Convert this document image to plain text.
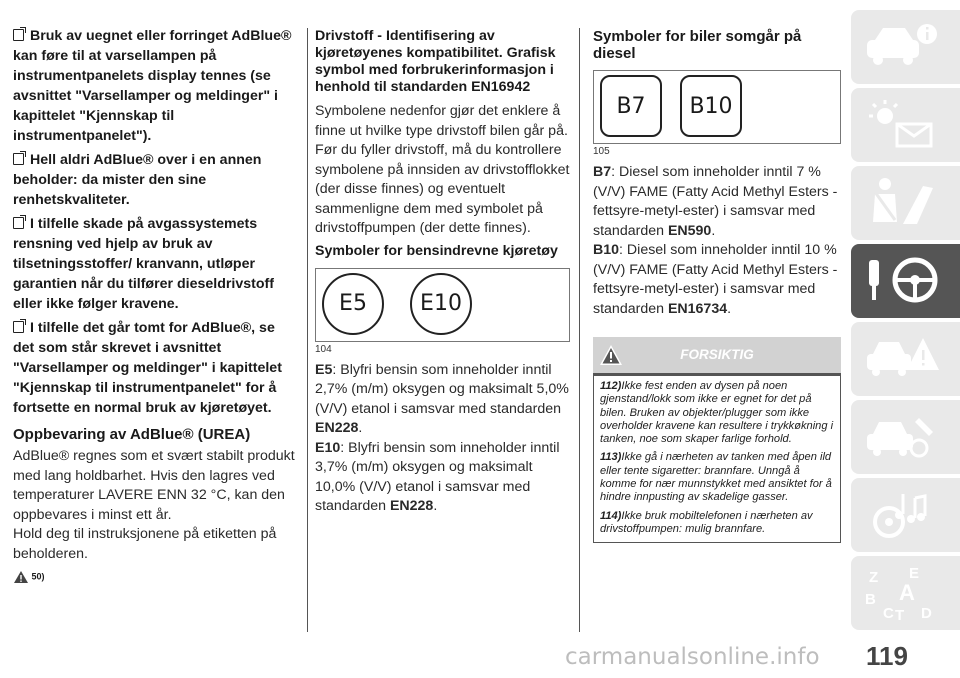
Bruk av uegnet eller forringet AdBlue® kan føre til at varsellampen på instrumentpanelets display tennes (se avsnittet "Varsellamper og meldinger" i kapittelet "Kjennskap til instrumentpanelet").

Hell aldri AdBlue® over i en annen beholder: da mister den sine renhetskvaliteter.

I tilfelle skade på avgassystemets rensning ved hjelp av bruk av tilsetningsstoffer/ kranvann, utløper garantien når du tilfører dieseldrivstoff eller ikke følger kravene.

I tilfelle det går tomt for AdBlue®, se det som står skrevet i avsnittet "Varsellamper og meldinger" i kapittelet "Kjennskap til instrumentpanelet" for å fortsette en normal bruk av kjøretøyet.

Oppbevaring av AdBlue® (UREA)

AdBlue® regnes som et svært stabilt produkt med lang holdbarhet. Hvis den lagres ved temperaturer LAVERE ENN 32 °C, kan den oppbevares i minst ett år.

Hold deg til instruksjonene på etiketten på beholderen.

50)
Drivstoff - Identifisering av kjøretøyenes kompatibilitet. Grafisk symbol med forbrukerinformasjon i henhold til standarden EN16942

Symbolene nedenfor gjør det enklere å finne ut hvilke type drivstoff bilen går på.

Før du fyller drivstoff, må du kontrollere symbolene på innsiden av drivstofflokket (der disse finnes) og eventuelt sammenligne dem med symbolet på drivstoffpumpen (der dette finnes).

Symboler for bensindrevne kjøretøy
E5	E10
104

E5: Blyfri bensin som inneholder inntil 2,7% (m/m) oksygen og maksimalt 5,0% (V/V) etanol i samsvar med standarden EN228.

E10: Blyfri bensin som inneholder inntil 3,7% (m/m) oksygen og maksimalt 10,0% (V/V) etanol i samsvar med standarden EN228.

Symboler for biler somgår på diesel
B7	B10
105

B7: Diesel som inneholder inntil 7 % (V/V) FAME (Fatty Acid Methyl Esters - fettsyre-metyl-ester) i samsvar med standarden EN590.

B10: Diesel som inneholder inntil 10 % (V/V) FAME (Fatty Acid Methyl Esters - fettsyre-metyl-ester) i samsvar med standarden EN16734.

FORSIKTIG
112)Ikke fest enden av dysen på noen gjenstand/lokk som ikke er egnet for det på bilen. Bruken av objekter/plugger som ikke overholder kravene kan resultere i trykkøkning i tanken, noe som skaper farlige forhold.
113)Ikke gå i nærheten av tanken med åpen ild eller tente sigaretter: brannfare. Unngå å komme for nær munnstykket med ansiktet for å hindre innpusting av skadelige gasser.
114)Ikke bruk mobiltelefonen i nærheten av drivstoffpumpen: mulig brannfare.
Z E
B A
C T D
119
carmanualsonline.info
